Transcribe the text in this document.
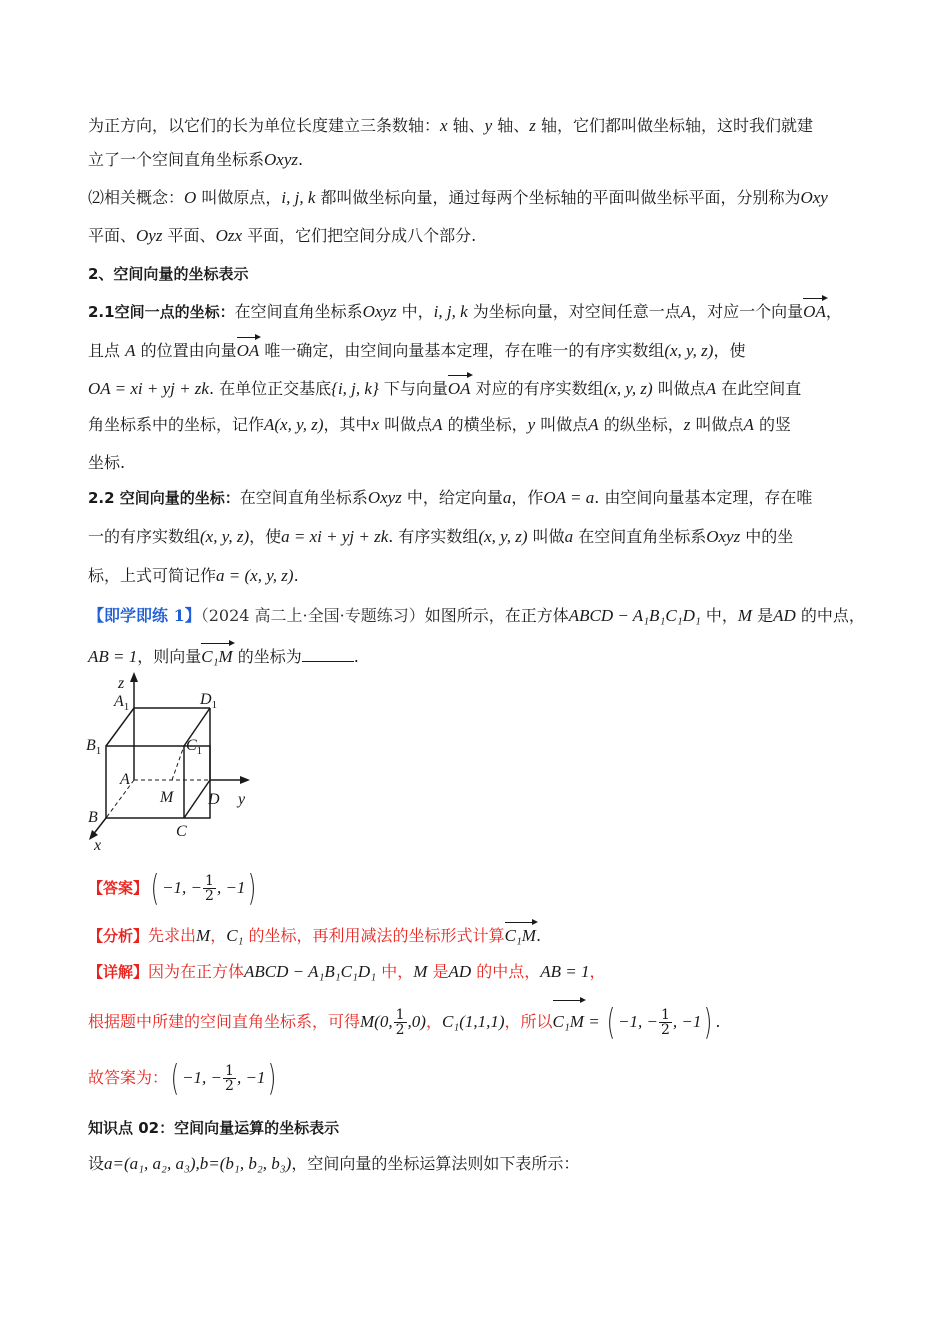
为正方向，以它们的长为单位长度建立三条数轴：x 轴、y 轴、z 轴，它们都叫做坐标轴，这时我们就建
立了一个空间直角坐标系Oxyz.
⑵相关概念：O 叫做原点，i, j, k 都叫做坐标向量，通过每两个坐标轴的平面叫做坐标平面，分别称为Oxy
平面、Oyz 平面、Ozx 平面，它们把空间分成八个部分.
2、空间向量的坐标表示
2.1空间一点的坐标：在空间直角坐标系Oxyz 中，i, j, k 为坐标向量，对空间任意一点A，对应一个向量OA，
且点 A 的位置由向量OA 唯一确定，由空间向量基本定理，存在唯一的有序实数组(x, y, z)，使
OA = xi + yj + zk. 在单位正交基底{i, j, k} 下与向量OA 对应的有序实数组(x, y, z) 叫做点A 在此空间直
角坐标系中的坐标，记作A(x, y, z)，其中x 叫做点A 的横坐标，y 叫做点A 的纵坐标，z 叫做点A 的竖
坐标.
2.2 空间向量的坐标：在空间直角坐标系Oxyz 中，给定向量a，作OA = a. 由空间向量基本定理，存在唯
一的有序实数组(x, y, z)，使a = xi + yj + zk. 有序实数组(x, y, z) 叫做a 在空间直角坐标系Oxyz 中的坐
标，上式可简记作a = (x, y, z).
【即学即练 1】（2024 高二上·全国·专题练习）如图所示，在正方体ABCD − A₁B₁C₁D₁ 中，M 是AD 的中点，
AB = 1，则向量C₁M 的坐标为	.
z
$A_1$	$D_1$
$B_1$	$C_1$
A
M D y
B
C
x
【答案】( −1, − $\frac{1}{2}$ , −1)
【分析】先求出M，C₁ 的坐标，再利用减法的坐标形式计算C₁M.
【详解】因为在正方体ABCD − A₁B₁C₁D₁ 中，M 是AD 的中点，AB = 1，
根据题中所建的空间直角坐标系，可得M(0, $\frac{1}{2} ,0$)，C₁(1,1,1)，所以C₁M = ( −1, − $\frac{1}{2}$ , −1) .
故答案为：( −1, − $\frac{1}{2}$ , −1)
知识点 02：空间向量运算的坐标表示
设a=(a₁, a₂, a₃),b=(b₁, b₂, b₃)，空间向量的坐标运算法则如下表所示：
